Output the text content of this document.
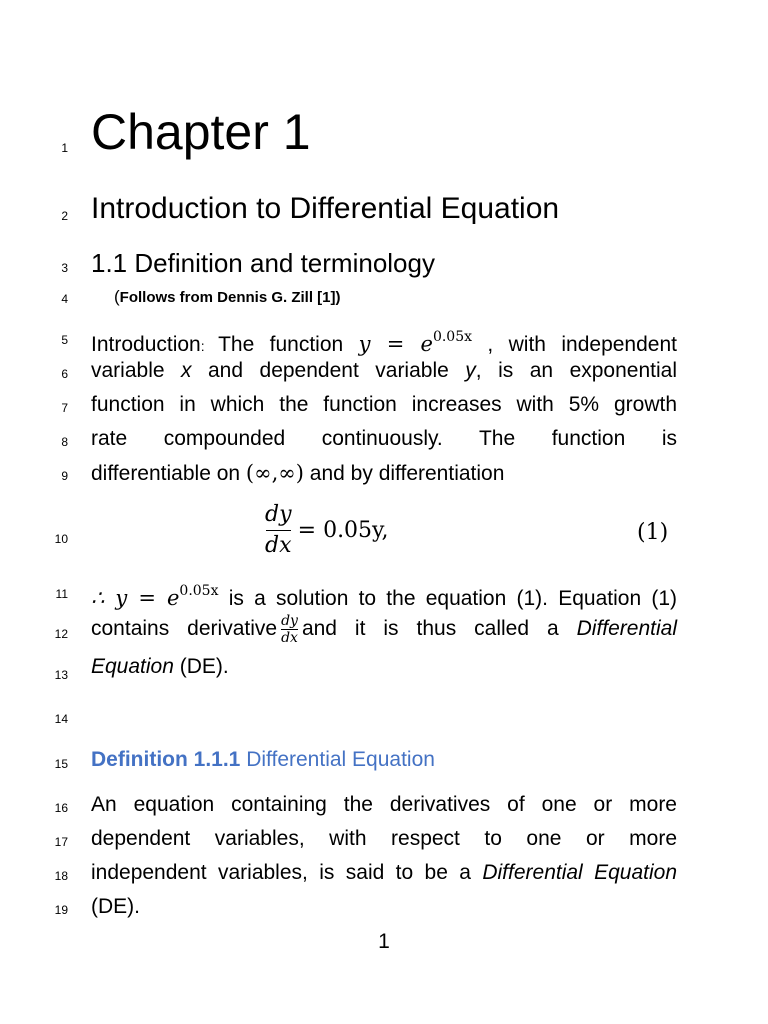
1
2
3
4
5
6
7
8
9
10
11
12
13
14
15
16
17
18
19
Chapter 1
Introduction to Differential Equation
1.1 Definition and terminology
(Follows from Dennis G. Zill [1])
Introduction: The function $y = e^{0.05x}$ , with independent
variable x and dependent variable y, is an exponential
function in which the function increases with 5% growth
rate compounded continuously. The function is
differentiable on (∞,∞) and by differentiation
$\frac{dy}{dx} = 0.05y$,	(1)
∴ $y = e^{0.05x}$ is a solution to the equation (1). Equation (1)
contains derivative $\frac{dy}{dx}$ and it is thus called a Differential
Equation (DE).
Definition 1.1.1 Differential Equation
An equation containing the derivatives of one or more
dependent variables, with respect to one or more
independent variables, is said to be a Differential Equation
(DE).
1
